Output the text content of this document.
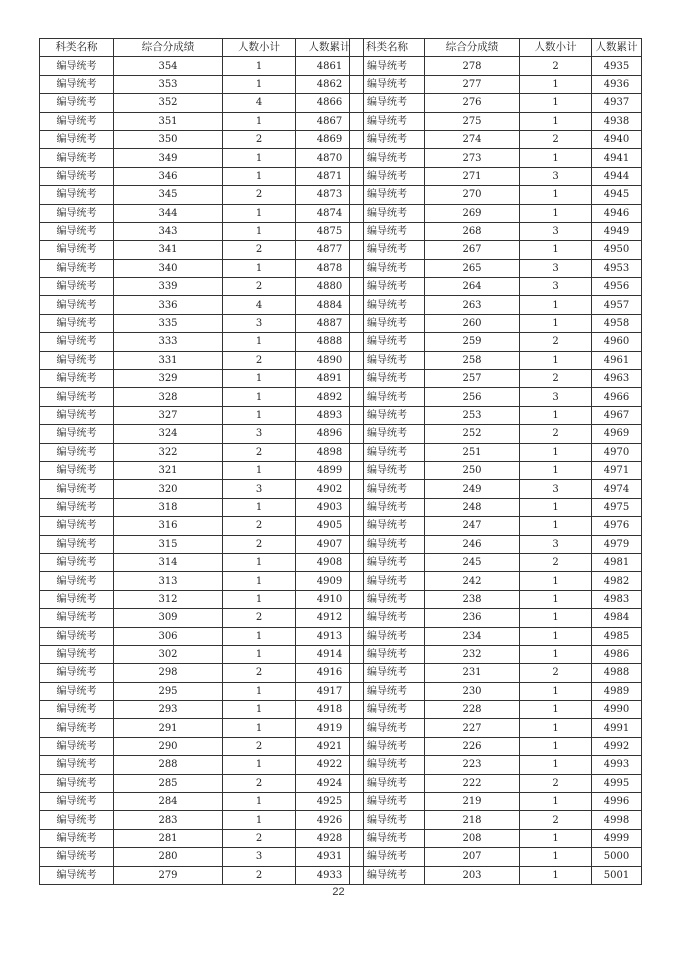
科类名称	综合分成绩	人数小计	人数累计
编导统考	354	1	4861
编导统考	353	1	4862
编导统考	352	4	4866
编导统考	351	1	4867
编导统考	350	2	4869
编导统考	349	1	4870
编导统考	346	1	4871
编导统考	345	2	4873
编导统考	344	1	4874
编导统考	343	1	4875
编导统考	341	2	4877
编导统考	340	1	4878
编导统考	339	2	4880
编导统考	336	4	4884
编导统考	335	3	4887
编导统考	333	1	4888
编导统考	331	2	4890
编导统考	329	1	4891
编导统考	328	1	4892
编导统考	327	1	4893
编导统考	324	3	4896
编导统考	322	2	4898
编导统考	321	1	4899
编导统考	320	3	4902
编导统考	318	1	4903
编导统考	316	2	4905
编导统考	315	2	4907
编导统考	314	1	4908
编导统考	313	1	4909
编导统考	312	1	4910
编导统考	309	2	4912
编导统考	306	1	4913
编导统考	302	1	4914
编导统考	298	2	4916
编导统考	295	1	4917
编导统考	293	1	4918
编导统考	291	1	4919
编导统考	290	2	4921
编导统考	288	1	4922
编导统考	285	2	4924
编导统考	284	1	4925
编导统考	283	1	4926
编导统考	281	2	4928
编导统考	280	3	4931
编导统考	279	2	4933
科类名称	综合分成绩	人数小计	人数累计
编导统考	278	2	4935
编导统考	277	1	4936
编导统考	276	1	4937
编导统考	275	1	4938
编导统考	274	2	4940
编导统考	273	1	4941
编导统考	271	3	4944
编导统考	270	1	4945
编导统考	269	1	4946
编导统考	268	3	4949
编导统考	267	1	4950
编导统考	265	3	4953
编导统考	264	3	4956
编导统考	263	1	4957
编导统考	260	1	4958
编导统考	259	2	4960
编导统考	258	1	4961
编导统考	257	2	4963
编导统考	256	3	4966
编导统考	253	1	4967
编导统考	252	2	4969
编导统考	251	1	4970
编导统考	250	1	4971
编导统考	249	3	4974
编导统考	248	1	4975
编导统考	247	1	4976
编导统考	246	3	4979
编导统考	245	2	4981
编导统考	242	1	4982
编导统考	238	1	4983
编导统考	236	1	4984
编导统考	234	1	4985
编导统考	232	1	4986
编导统考	231	2	4988
编导统考	230	1	4989
编导统考	228	1	4990
编导统考	227	1	4991
编导统考	226	1	4992
编导统考	223	1	4993
编导统考	222	2	4995
编导统考	219	1	4996
编导统考	218	2	4998
编导统考	208	1	4999
编导统考	207	1	5000
编导统考	203	1	5001
22
